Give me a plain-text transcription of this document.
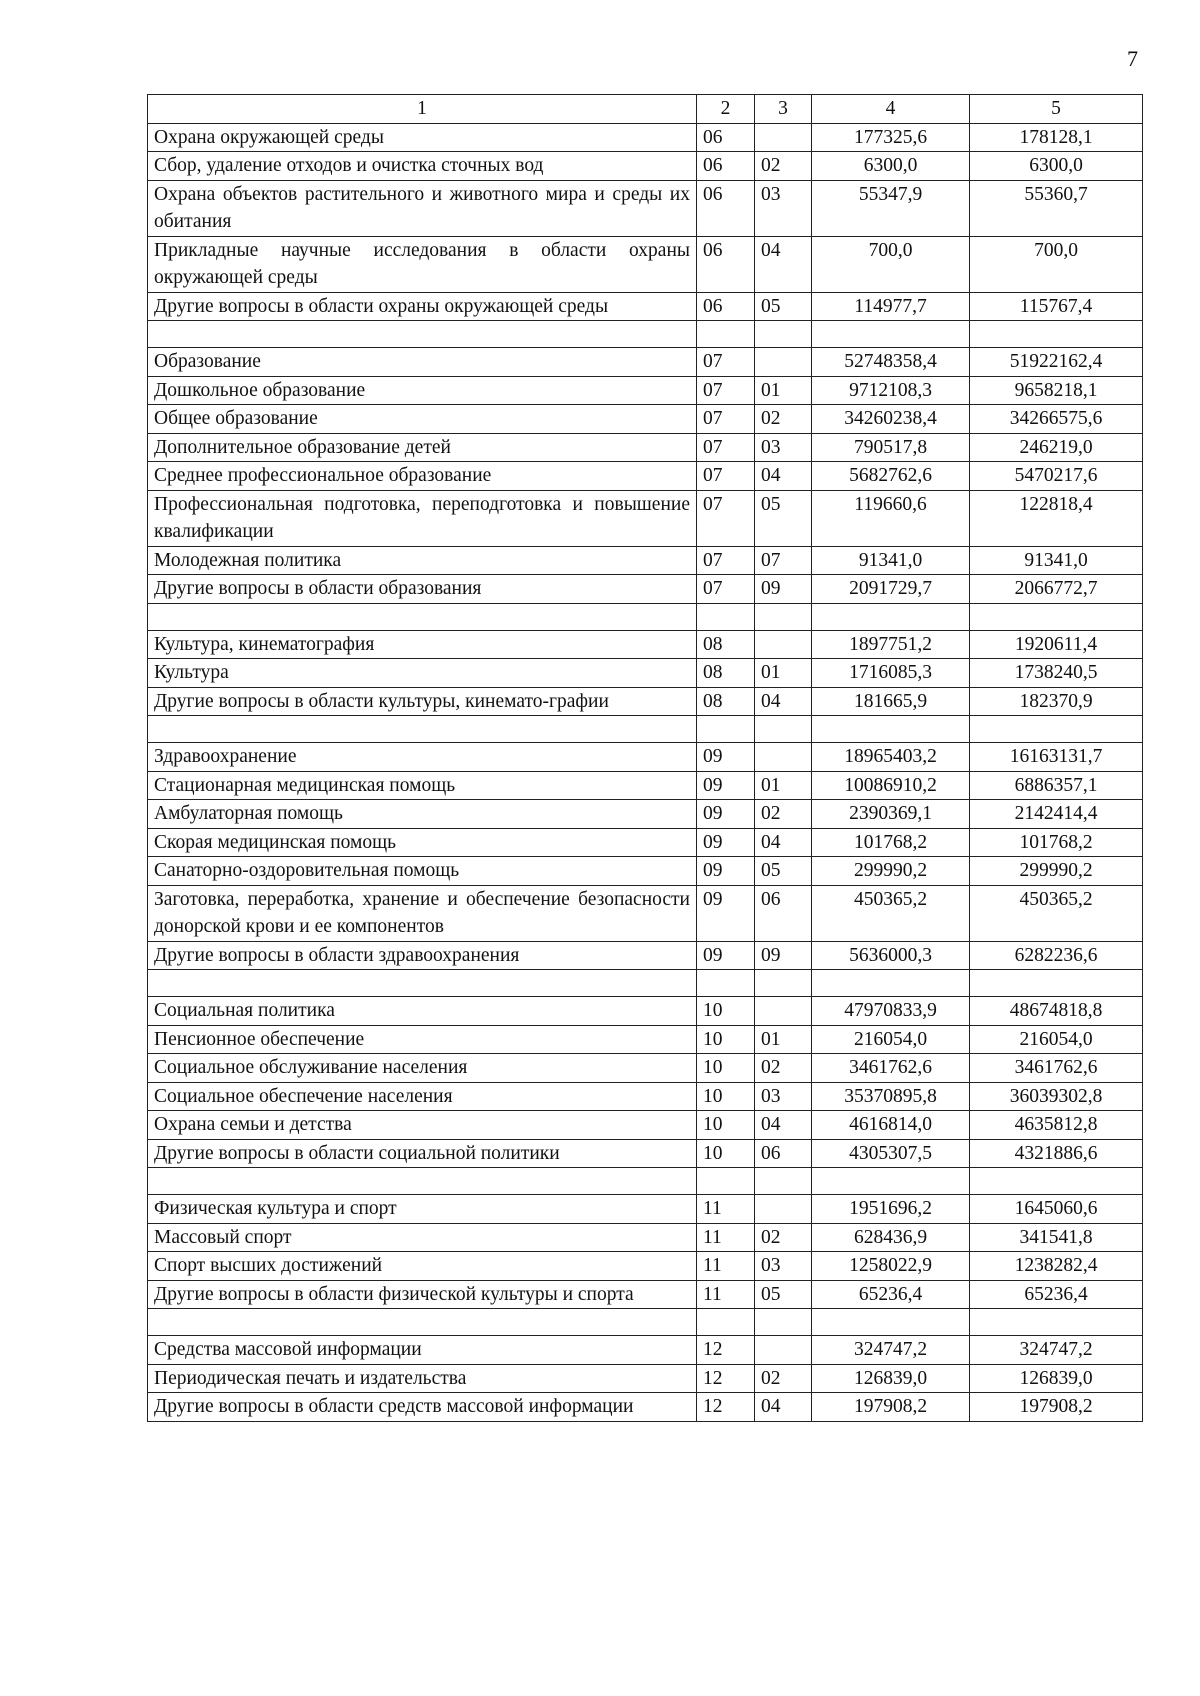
7
1	2	3	4	5
Охрана окружающей среды	06		177325,6	178128,1
Сбор, удаление отходов и очистка сточных вод	06	02	6300,0	6300,0
Охрана объектов растительного и животного мира и среды их обитания	06	03	55347,9	55360,7
Прикладные научные исследования в области охраны окружающей среды	06	04	700,0	700,0
Другие вопросы в области охраны окружающей среды	06	05	114977,7	115767,4

Образование	07		52748358,4	51922162,4
Дошкольное образование	07	01	9712108,3	9658218,1
Общее образование	07	02	34260238,4	34266575,6
Дополнительное образование детей	07	03	790517,8	246219,0
Среднее профессиональное образование	07	04	5682762,6	5470217,6
Профессиональная подготовка, переподготовка и повышение квалификации	07	05	119660,6	122818,4
Молодежная политика	07	07	91341,0	91341,0
Другие вопросы в области образования	07	09	2091729,7	2066772,7

Культура, кинематография	08		1897751,2	1920611,4
Культура	08	01	1716085,3	1738240,5
Другие вопросы в области культуры, кинемато-графии	08	04	181665,9	182370,9

Здравоохранение	09		18965403,2	16163131,7
Стационарная медицинская помощь	09	01	10086910,2	6886357,1
Амбулаторная помощь	09	02	2390369,1	2142414,4
Скорая медицинская помощь	09	04	101768,2	101768,2
Санаторно-оздоровительная помощь	09	05	299990,2	299990,2
Заготовка, переработка, хранение и обеспечение безопасности донорской крови и ее компонентов	09	06	450365,2	450365,2
Другие вопросы в области здравоохранения	09	09	5636000,3	6282236,6

Социальная политика	10		47970833,9	48674818,8
Пенсионное обеспечение	10	01	216054,0	216054,0
Социальное обслуживание населения	10	02	3461762,6	3461762,6
Социальное обеспечение населения	10	03	35370895,8	36039302,8
Охрана семьи и детства	10	04	4616814,0	4635812,8
Другие вопросы в области социальной политики	10	06	4305307,5	4321886,6

Физическая культура и спорт	11		1951696,2	1645060,6
Массовый спорт	11	02	628436,9	341541,8
Спорт высших достижений	11	03	1258022,9	1238282,4
Другие вопросы в области физической культуры и спорта	11	05	65236,4	65236,4

Средства массовой информации	12		324747,2	324747,2
Периодическая печать и издательства	12	02	126839,0	126839,0
Другие вопросы в области средств массовой информации	12	04	197908,2	197908,2
